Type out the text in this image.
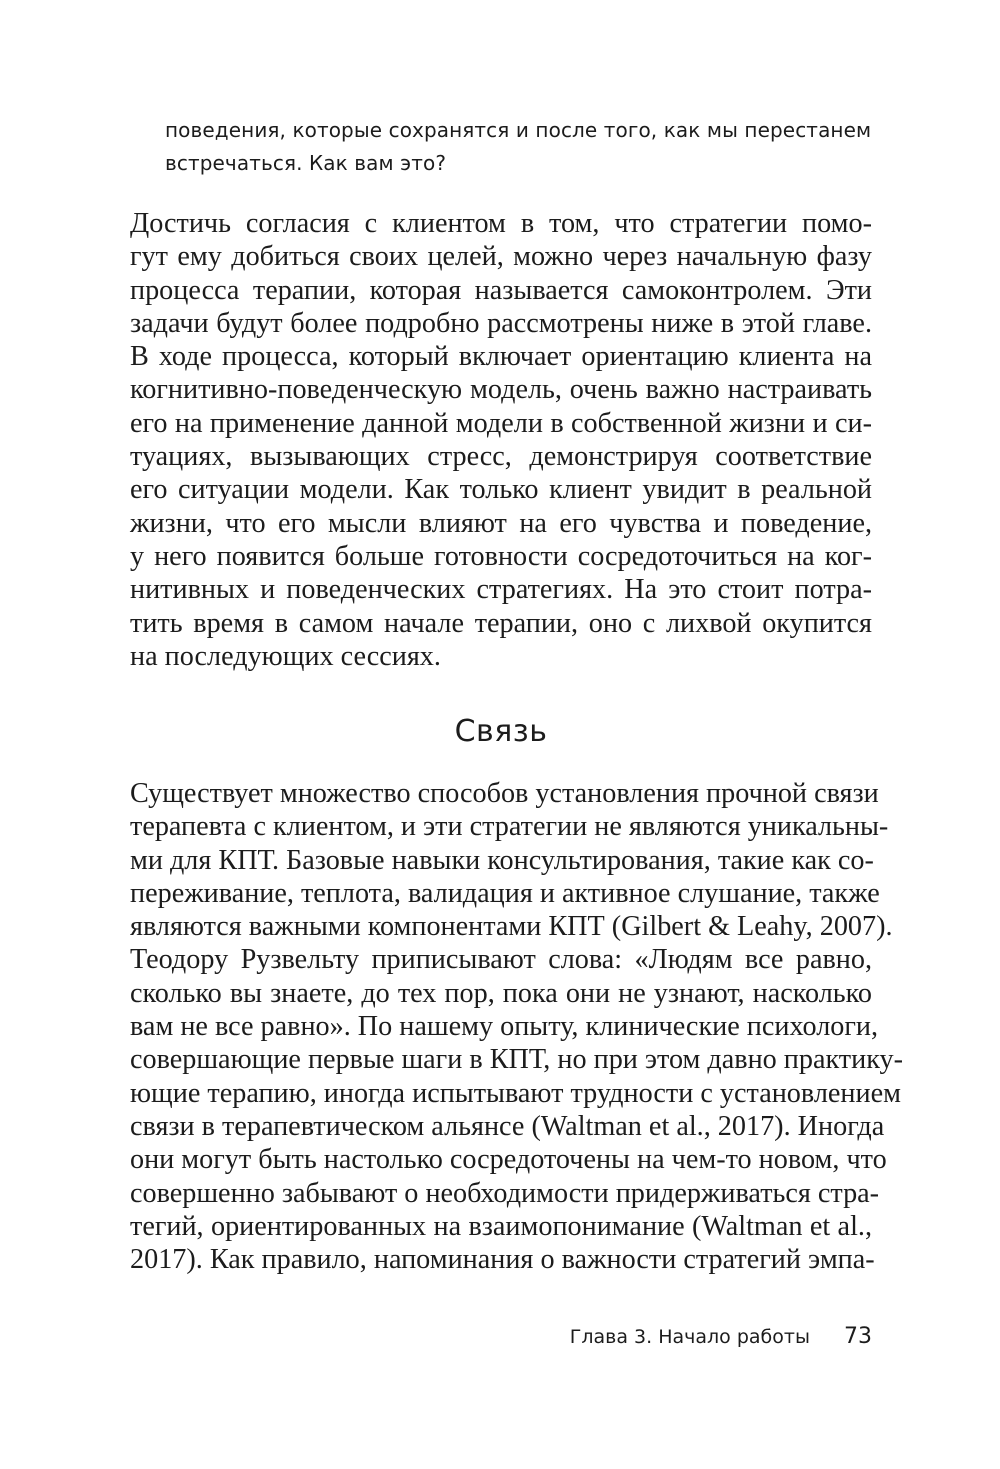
поведения, которые сохранятся и после того, как мы перестанем

встречаться. Как вам это?

Достичь согласия с клиентом в том, что стратегии помо-
гут ему добиться своих целей, можно через начальную фазу
процесса терапии, которая называется самоконтролем. Эти
задачи будут более подробно рассмотрены ниже в этой главе.
В ходе процесса, который включает ориентацию клиента на
когнитивно-поведенческую модель, очень важно настраивать
его на применение данной модели в собственной жизни и си-
туациях, вызывающих стресс, демонстрируя соответствие
его ситуации модели. Как только клиент увидит в реальной
жизни, что его мысли влияют на его чувства и поведение,
у него появится больше готовности сосредоточиться на ког-
нитивных и поведенческих стратегиях. На это стоит потра-
тить время в самом начале терапии, оно с лихвой окупится
на последующих сессиях.
Связь
Существует множество способов установления прочной связи
терапевта с клиентом, и эти стратегии не являются уникальны-
ми для КПТ. Базовые навыки консультирования, такие как со-
переживание, теплота, валидация и активное слушание, также
являются важными компонентами КПТ (Gilbert & Leahy, 2007).
Теодору Рузвельту приписывают слова: «Людям все равно,
сколько вы знаете, до тех пор, пока они не узнают, насколько
вам не все равно». По нашему опыту, клинические психологи,
совершающие первые шаги в КПТ, но при этом давно практику-
ющие терапию, иногда испытывают трудности с установлением
связи в терапевтическом альянсе (Waltman et al., 2017). Иногда
они могут быть настолько сосредоточены на чем-то новом, что
совершенно забывают о необходимости придерживаться стра-
тегий, ориентированных на взаимопонимание (Waltman et al.,
2017). Как правило, напоминания о важности стратегий эмпа-
Глава 3. Начало работы 73
